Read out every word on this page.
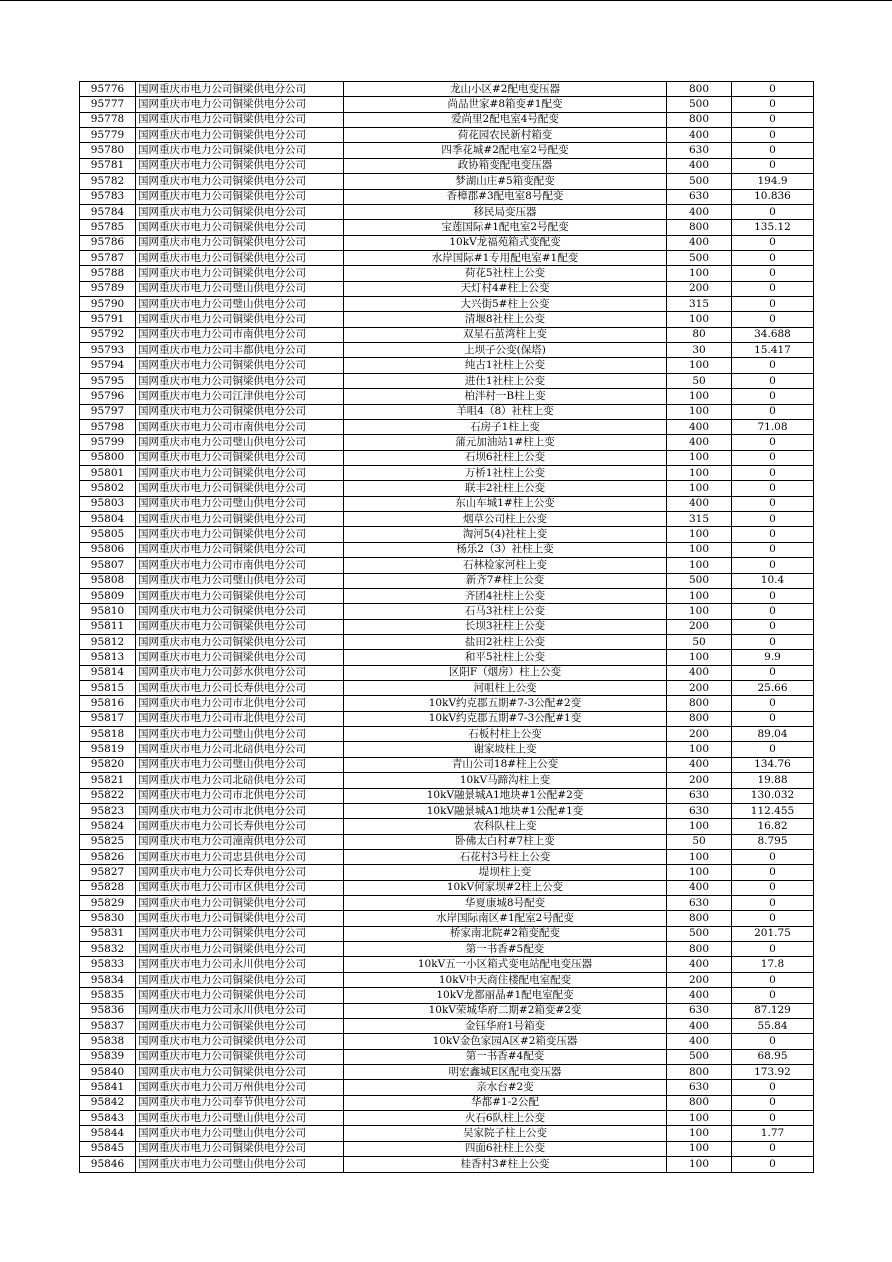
95776	国网重庆市电力公司铜梁供电分公司	龙山小区#2配电变压器	800	0
95777	国网重庆市电力公司铜梁供电分公司	尚品世家#8箱变#1配变	500	0
95778	国网重庆市电力公司铜梁供电分公司	爱尚里2配电室4号配变	800	0
95779	国网重庆市电力公司铜梁供电分公司	荷花园农民新村箱变	400	0
95780	国网重庆市电力公司铜梁供电分公司	四季花城#2配电室2号配变	630	0
95781	国网重庆市电力公司铜梁供电分公司	政协箱变配电变压器	400	0
95782	国网重庆市电力公司铜梁供电分公司	梦湖山庄#5箱变配变	500	194.9
95783	国网重庆市电力公司铜梁供电分公司	香樟郡#3配电室8号配变	630	10.836
95784	国网重庆市电力公司铜梁供电分公司	移民局变压器	400	0
95785	国网重庆市电力公司铜梁供电分公司	宝莲国际#1配电室2号配变	800	135.12
95786	国网重庆市电力公司铜梁供电分公司	10kV龙福苑箱式变配变	400	0
95787	国网重庆市电力公司铜梁供电分公司	水岸国际#1专用配电室#1配变	500	0
95788	国网重庆市电力公司铜梁供电分公司	荷花5社柱上公变	100	0
95789	国网重庆市电力公司璧山供电分公司	天灯村4#柱上公变	200	0
95790	国网重庆市电力公司璧山供电分公司	大兴街5#柱上公变	315	0
95791	国网重庆市电力公司铜梁供电分公司	清堰8社柱上公变	100	0
95792	国网重庆市电力公司市南供电分公司	双星石茧湾柱上变	80	34.688
95793	国网重庆市电力公司丰都供电分公司	上坝子公变(保塔)	30	15.417
95794	国网重庆市电力公司铜梁供电分公司	纯古1社柱上公变	100	0
95795	国网重庆市电力公司铜梁供电分公司	进仕1社柱上公变	50	0
95796	国网重庆市电力公司江津供电分公司	柏泮村一B柱上变	100	0
95797	国网重庆市电力公司铜梁供电分公司	羊咀4（8）社柱上变	100	0
95798	国网重庆市电力公司市南供电分公司	石房子1柱上变	400	71.08
95799	国网重庆市电力公司璧山供电分公司	蒲元加油站1#柱上变	400	0
95800	国网重庆市电力公司铜梁供电分公司	石坝6社柱上公变	100	0
95801	国网重庆市电力公司铜梁供电分公司	万桥1社柱上公变	100	0
95802	国网重庆市电力公司铜梁供电分公司	联丰2社柱上公变	100	0
95803	国网重庆市电力公司璧山供电分公司	东山车城1#柱上公变	400	0
95804	国网重庆市电力公司铜梁供电分公司	烟草公司柱上公变	315	0
95805	国网重庆市电力公司铜梁供电分公司	淘河5(4)社柱上变	100	0
95806	国网重庆市电力公司铜梁供电分公司	杨乐2（3）社柱上变	100	0
95807	国网重庆市电力公司市南供电分公司	石林检家河柱上变	100	0
95808	国网重庆市电力公司璧山供电分公司	新齐7#柱上公变	500	10.4
95809	国网重庆市电力公司铜梁供电分公司	齐团4社柱上公变	100	0
95810	国网重庆市电力公司铜梁供电分公司	石马3社柱上公变	100	0
95811	国网重庆市电力公司铜梁供电分公司	长坝3社柱上公变	200	0
95812	国网重庆市电力公司铜梁供电分公司	盐田2社柱上公变	50	0
95813	国网重庆市电力公司铜梁供电分公司	和平5社柱上公变	100	9.9
95814	国网重庆市电力公司彭水供电分公司	区阳F（烟房）柱上公变	400	0
95815	国网重庆市电力公司长寿供电分公司	河咀柱上公变	200	25.66
95816	国网重庆市电力公司市北供电分公司	10kV约克郡五期#7-3公配#2变	800	0
95817	国网重庆市电力公司市北供电分公司	10kV约克郡五期#7-3公配#1变	800	0
95818	国网重庆市电力公司璧山供电分公司	石板村柱上公变	200	89.04
95819	国网重庆市电力公司北碚供电分公司	谢家坡柱上变	100	0
95820	国网重庆市电力公司璧山供电分公司	青山公司18#柱上公变	400	134.76
95821	国网重庆市电力公司北碚供电分公司	10kV马蹄沟柱上变	200	19.88
95822	国网重庆市电力公司市北供电分公司	10kV融景城A1地块#1公配#2变	630	130.032
95823	国网重庆市电力公司市北供电分公司	10kV融景城A1地块#1公配#1变	630	112.455
95824	国网重庆市电力公司长寿供电分公司	农科队柱上变	100	16.82
95825	国网重庆市电力公司潼南供电分公司	卧佛太白村#7柱上变	50	8.795
95826	国网重庆市电力公司忠县供电分公司	石花村3号柱上公变	100	0
95827	国网重庆市电力公司长寿供电分公司	堤坝柱上变	100	0
95828	国网重庆市电力公司市区供电分公司	10kV何家坝#2柱上公变	400	0
95829	国网重庆市电力公司铜梁供电分公司	华夏康城8号配变	630	0
95830	国网重庆市电力公司铜梁供电分公司	水岸国际南区#1配室2号配变	800	0
95831	国网重庆市电力公司铜梁供电分公司	桥家南北院#2箱变配变	500	201.75
95832	国网重庆市电力公司铜梁供电分公司	第一书香#5配变	800	0
95833	国网重庆市电力公司永川供电分公司	10kV五一小区箱式变电站配电变压器	400	17.8
95834	国网重庆市电力公司铜梁供电分公司	10kV中天商住楼配电室配变	200	0
95835	国网重庆市电力公司铜梁供电分公司	10kV龙都丽晶#1配电室配变	400	0
95836	国网重庆市电力公司永川供电分公司	10kV荣城华府二期#2箱变#2变	630	87.129
95837	国网重庆市电力公司铜梁供电分公司	金钰华府1号箱变	400	55.84
95838	国网重庆市电力公司铜梁供电分公司	10kV金色家园A区#2箱变压器	400	0
95839	国网重庆市电力公司铜梁供电分公司	第一书香#4配变	500	68.95
95840	国网重庆市电力公司铜梁供电分公司	明宏鑫城E区配电变压器	800	173.92
95841	国网重庆市电力公司万州供电分公司	亲水台#2变	630	0
95842	国网重庆市电力公司奉节供电分公司	华都#1-2公配	800	0
95843	国网重庆市电力公司璧山供电分公司	火石6队柱上公变	100	0
95844	国网重庆市电力公司璧山供电分公司	吴家院子柱上公变	100	1.77
95845	国网重庆市电力公司铜梁供电分公司	四面6社柱上公变	100	0
95846	国网重庆市电力公司璧山供电分公司	桂香村3#柱上公变	100	0
